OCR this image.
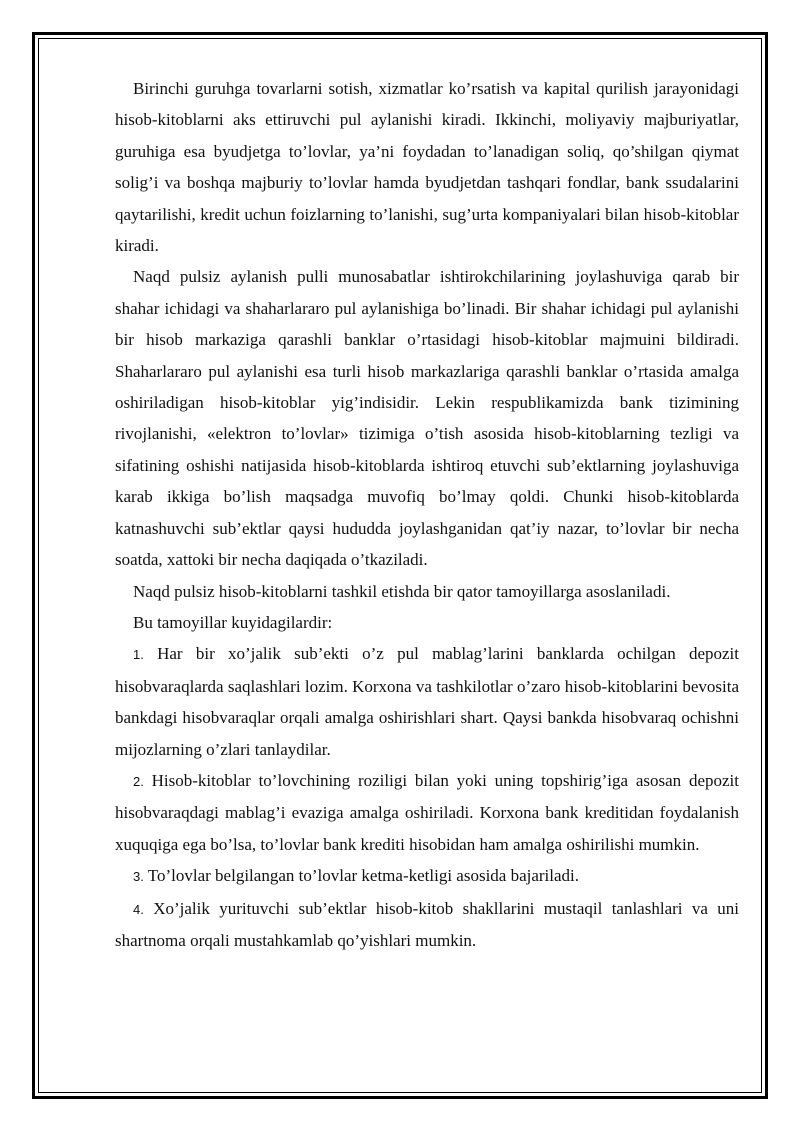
Birinchi guruhga tovarlarni sotish, xizmatlar ko’rsatish va kapital qurilish jarayonidagi hisob-kitoblarni aks ettiruvchi pul aylanishi kiradi. Ikkinchi, moliyaviy majburiyatlar, guruhiga esa byudjetga to’lovlar, ya’ni foydadan to’lanadigan soliq, qo’shilgan qiymat solig’i va boshqa majburiy to’lovlar hamda byudjetdan tashqari fondlar, bank ssudalarini qaytarilishi, kredit uchun foizlarning to’lanishi, sug’urta kompaniyalari bilan hisob-kitoblar kiradi.

Naqd pulsiz aylanish pulli munosabatlar ishtirokchilarining joylashuviga qarab bir shahar ichidagi va shaharlararo pul aylanishiga bo’linadi. Bir shahar ichidagi pul aylanishi bir hisob markaziga qarashli banklar o’rtasidagi hisob-kitoblar majmuini bildiradi. Shaharlararo pul aylanishi esa turli hisob markazlariga qarashli banklar o’rtasida amalga oshiriladigan hisob-kitoblar yig’indisidir. Lekin respublikamizda bank tizimining rivojlanishi, «elektron to’lovlar» tizimiga o’tish asosida hisob-kitoblarning tezligi va sifatining oshishi natijasida hisob-kitoblarda ishtiroq etuvchi sub’ektlarning joylashuviga karab ikkiga bo’lish maqsadga muvofiq bo’lmay qoldi. Chunki hisob-kitoblarda katnashuvchi sub’ektlar qaysi hududda joylashganidan qat’iy nazar, to’lovlar bir necha soatda, xattoki bir necha daqiqada o’tkaziladi.

Naqd pulsiz hisob-kitoblarni tashkil etishda bir qator tamoyillarga asoslaniladi.

Bu tamoyillar kuyidagilardir:

1. Har bir xo’jalik sub’ekti o’z pul mablag’larini banklarda ochilgan depozit hisobvaraqlarda saqlashlari lozim. Korxona va tashkilotlar o’zaro hisob-kitoblarini bevosita bankdagi hisobvaraqlar orqali amalga oshirishlari shart. Qaysi bankda hisobvaraq ochishni mijozlarning o’zlari tanlaydilar.

2. Hisob-kitoblar to’lovchining roziligi bilan yoki uning topshirig’iga asosan depozit hisobvaraqdagi mablag’i evaziga amalga oshiriladi. Korxona bank kreditidan foydalanish xuquqiga ega bo’lsa, to’lovlar bank krediti hisobidan ham amalga oshirilishi mumkin.

3. To’lovlar belgilangan to’lovlar ketma-ketligi asosida bajariladi.

4. Xo’jalik yurituvchi sub’ektlar hisob-kitob shakllarini mustaqil tanlashlari va uni shartnoma orqali mustahkamlab qo’yishlari mumkin.
